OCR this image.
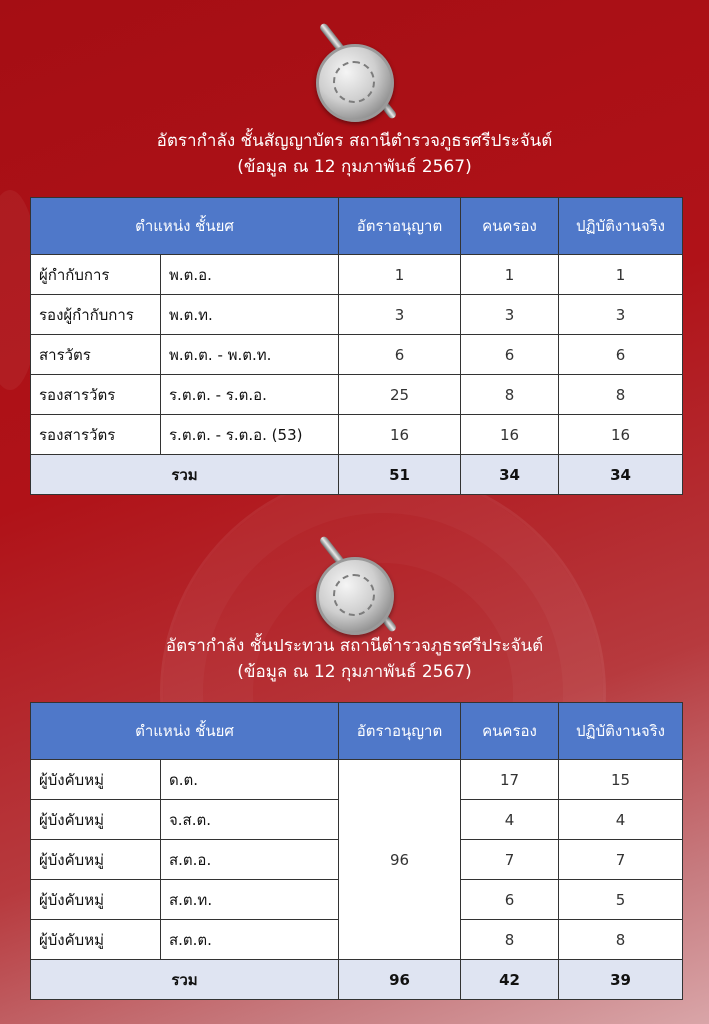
อัตรากำลัง ชั้นสัญญาบัตร สถานีตำรวจภูธรศรีประจันต์
(ข้อมูล ณ 12 กุมภาพันธ์ 2567)
ตำแหน่ง ชั้นยศ		อัตราอนุญาต	คนครอง	ปฏิบัติงานจริง
ผู้กำกับการ	พ.ต.อ.	1	1	1
รองผู้กำกับการ	พ.ต.ท.	3	3	3
สารวัตร	พ.ต.ต. - พ.ต.ท.	6	6	6
รองสารวัตร	ร.ต.ต. - ร.ต.อ.	25	8	8
รองสารวัตร	ร.ต.ต. - ร.ต.อ. (53)	16	16	16
รวม		51	34	34
อัตรากำลัง ชั้นประทวน สถานีตำรวจภูธรศรีประจันต์
(ข้อมูล ณ 12 กุมภาพันธ์ 2567)
ตำแหน่ง ชั้นยศ		อัตราอนุญาต	คนครอง	ปฏิบัติงานจริง
ผู้บังคับหมู่	ด.ต.	96	17	15
ผู้บังคับหมู่	จ.ส.ต.		4	4
ผู้บังคับหมู่	ส.ต.อ.		7	7
ผู้บังคับหมู่	ส.ต.ท.		6	5
ผู้บังคับหมู่	ส.ต.ต.		8	8
รวม		96	42	39
